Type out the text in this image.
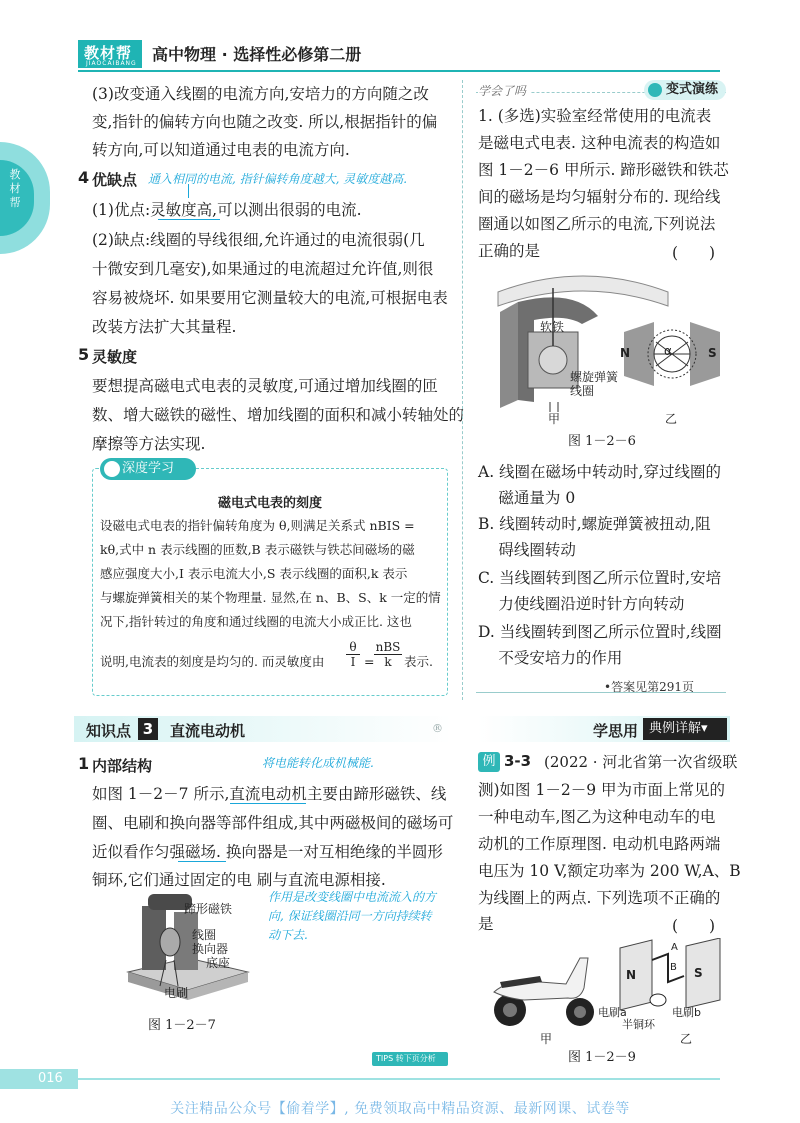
教材帮
JIAOCAIBANG 高中物理 · 选择性必修第二册
教材帮
(3)改变通入线圈的电流方向,安培力的方向随之改
变,指针的偏转方向也随之改变. 所以,根据指针的偏
转方向,可以知道通过电表的电流方向.
4 优缺点 通入相同的电流, 指针偏转角度越大, 灵敏度越高.
(1)优点:灵敏度高,可以测出很弱的电流.
(2)缺点:线圈的导线很细,允许通过的电流很弱(几
十微安到几毫安),如果通过的电流超过允许值,则很
容易被烧坏. 如果要用它测量较大的电流,可根据电表
改装方法扩大其量程.
5 灵敏度
要想提高磁电式电表的灵敏度,可通过增加线圈的匝
数、增大磁铁的磁性、增加线圈的面积和减小转轴处的
摩擦等方法实现.
深度学习
磁电式电表的刻度
设磁电式电表的指针偏转角度为 θ,则满足关系式 nBIS =
kθ,式中 n 表示线圈的匝数,B 表示磁铁与铁芯间磁场的磁
感应强度大小,I 表示电流大小,S 表示线圈的面积,k 表示
与螺旋弹簧相关的某个物理量. 显然,在 n、B、S、k 一定的情
况下,指针转过的角度和通过线圈的电流大小成正比. 这也
说明,电流表的刻度是均匀的. 而灵敏度由 $\frac{\theta}{I}$ =
nBS
k 表示.
学会了吗	变式演练
1. (多选)实验室经常使用的电流表
是磁电式电表. 这种电流表的构造如
图 1－2－6 甲所示. 蹄形磁铁和铁芯
间的磁场是均匀辐射分布的. 现给线
圈通以如图乙所示的电流,下列说法
正确的是	(　　)
软铁
螺旋弹簧
线圈
甲	乙
N	S
α
图 1－2－6
A. 线圈在磁场中转动时,穿过线圈的
　 磁通量为 0
B. 线圈转动时,螺旋弹簧被扭动,阻
　 碍线圈转动
C. 当线圈转到图乙所示位置时,安培
　 力使线圈沿逆时针方向转动
D. 当线圈转到图乙所示位置时,线圈
　 不受安培力的作用
•答案见第291页
知识点 3	直流电动机	®	学思用 典例详解▾
1 内部结构	将电能转化成机械能.
如图 1－2－7 所示,直流电动机主要由蹄形磁铁、线
圈、电刷和换向器等部件组成,其中两磁极间的磁场可
近似看作匀强磁场. 换向器是一对互相绝缘的半圆形
铜环,它们通过固定的电 刷与直流电源相接.
作用是改变线圈中电流流入的方
向, 保证线圈沿同一方向持续转
动下去.
蹄形磁铁
线圈
换向器
底座
电刷
图 1－2－7
例 3-3 (2022 · 河北省第一次省级联
测)如图 1－2－9 甲为市面上常见的
一种电动车,图乙为这种电动车的电
动机的工作原理图. 电动机电路两端
电压为 10 V,额定功率为 200 W,A、B
为线圈上的两点. 下列选项不正确的
是	(　　)
A
B
N	S
电刷a	电刷b
半铜环
甲	乙
图 1－2－9
TIPS 转下页分析
016
关注精品公众号【偷着学】, 免费领取高中精品资源、最新网课、试卷等
